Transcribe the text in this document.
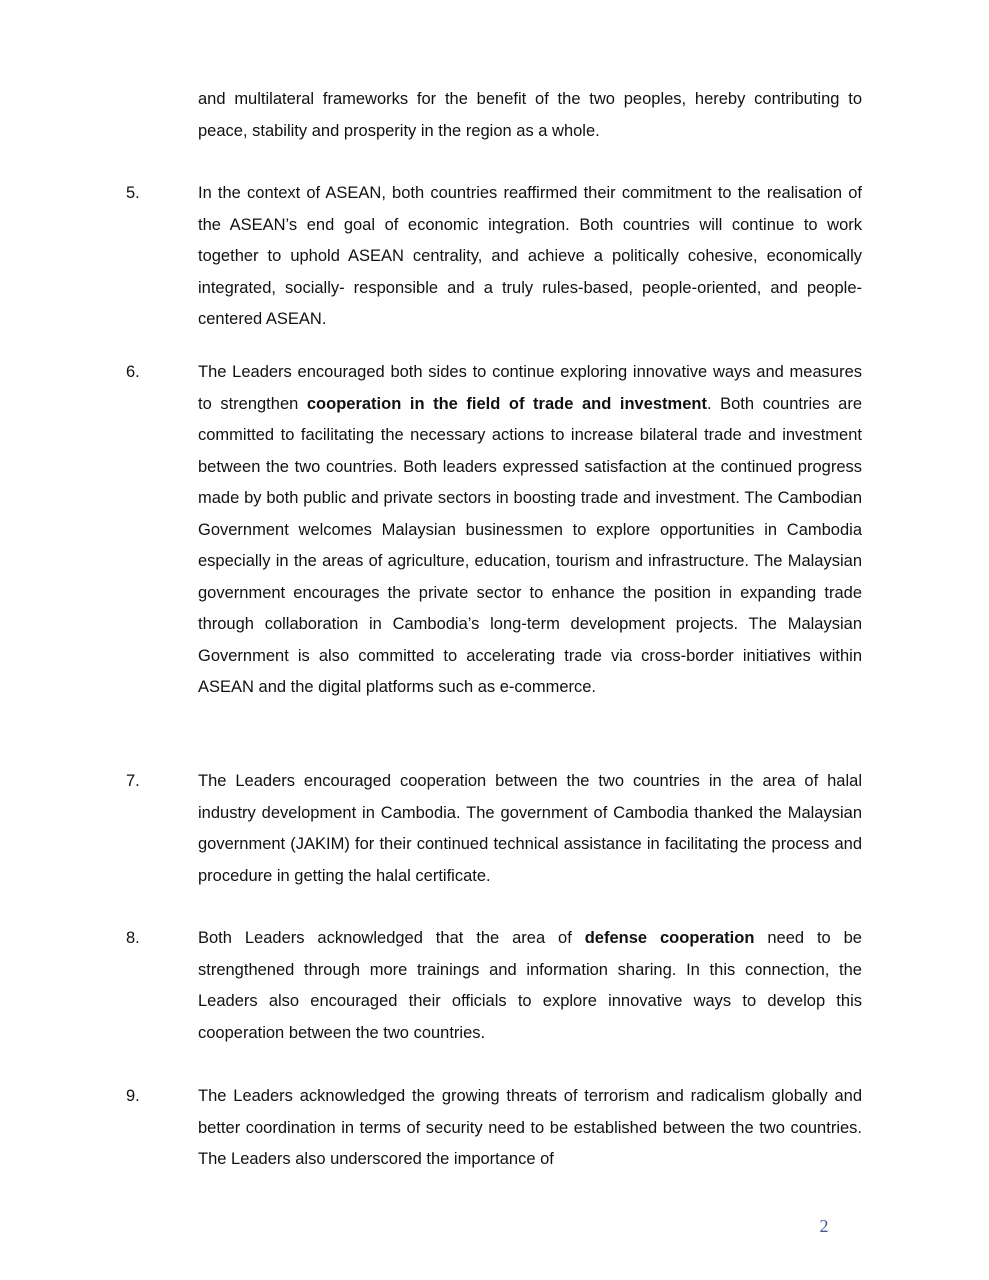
and multilateral frameworks for the benefit of the two peoples, hereby contributing to peace, stability and prosperity in the region as a whole.
5.	In the context of ASEAN, both countries reaffirmed their commitment to the realisation of the ASEAN’s end goal of economic integration. Both countries will continue to work together to uphold ASEAN centrality, and achieve a politically cohesive, economically integrated, socially- responsible and a truly rules-based, people-oriented, and people-centered ASEAN.
6.	The Leaders encouraged both sides to continue exploring innovative ways and measures to strengthen cooperation in the field of trade and investment. Both countries are committed to facilitating the necessary actions to increase bilateral trade and investment between the two countries. Both leaders expressed satisfaction at the continued progress made by both public and private sectors in boosting trade and investment. The Cambodian Government welcomes Malaysian businessmen to explore opportunities in Cambodia especially in the areas of agriculture, education, tourism and infrastructure. The Malaysian government encourages the private sector to enhance the position in expanding trade through collaboration in Cambodia’s long-term development projects. The Malaysian Government is also committed to accelerating trade via cross-border initiatives within ASEAN and the digital platforms such as e-commerce.
7.	The Leaders encouraged cooperation between the two countries in the area of halal industry development in Cambodia. The government of Cambodia thanked the Malaysian government (JAKIM) for their continued technical assistance in facilitating the process and procedure in getting the halal certificate.
8.	Both Leaders acknowledged that the area of defense cooperation need to be strengthened through more trainings and information sharing. In this connection, the Leaders also encouraged their officials to explore innovative ways to develop this cooperation between the two countries.
9.	The Leaders acknowledged the growing threats of terrorism and radicalism globally and better coordination in terms of security need to be established between the two countries. The Leaders also underscored the importance of
2
